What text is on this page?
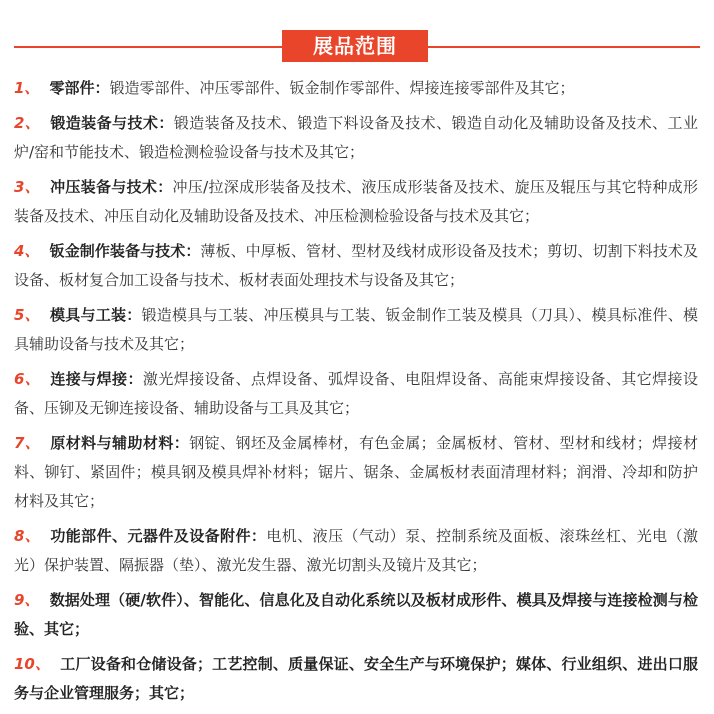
展品范围
1、 零部件：锻造零部件、冲压零部件、钣金制作零部件、焊接连接零部件及其它；
2、 锻造装备与技术：锻造装备及技术、锻造下料设备及技术、锻造自动化及辅助设备及技术、工业炉/窑和节能技术、锻造检测检验设备与技术及其它；
3、 冲压装备与技术：冲压/拉深成形装备及技术、液压成形装备及技术、旋压及辊压与其它特种成形装备及技术、冲压自动化及辅助设备及技术、冲压检测检验设备与技术及其它；
4、 钣金制作装备与技术：薄板、中厚板、管材、型材及线材成形设备及技术；剪切、切割下料技术及设备、板材复合加工设备与技术、板材表面处理技术与设备及其它；
5、 模具与工装：锻造模具与工装、冲压模具与工装、钣金制作工装及模具（刀具）、模具标准件、模具辅助设备与技术及其它；
6、 连接与焊接：激光焊接设备、点焊设备、弧焊设备、电阻焊设备、高能束焊接设备、其它焊接设备、压铆及无铆连接设备、辅助设备与工具及其它；
7、 原材料与辅助材料：钢锭、钢坯及金属棒材，有色金属；金属板材、管材、型材和线材；焊接材料、铆钉、紧固件；模具钢及模具焊补材料；锯片、锯条、金属板材表面清理材料；润滑、冷却和防护材料及其它；
8、 功能部件、元器件及设备附件：电机、液压（气动）泵、控制系统及面板、滚珠丝杠、光电（激光）保护装置、隔振器（垫）、激光发生器、激光切割头及镜片及其它；
9、 数据处理（硬/软件）、智能化、信息化及自动化系统以及板材成形件、模具及焊接与连接检测与检验、其它；
10、 工厂设备和仓储设备；工艺控制、质量保证、安全生产与环境保护；媒体、行业组织、进出口服务与企业管理服务；其它；
